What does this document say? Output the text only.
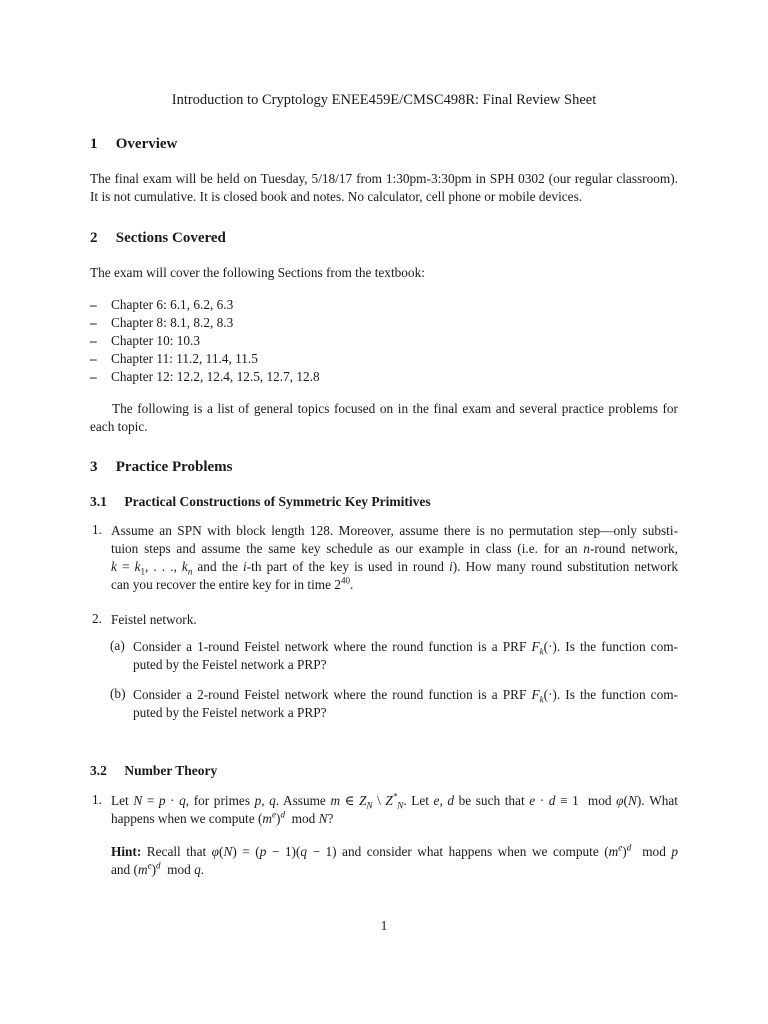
Introduction to Cryptology ENEE459E/CMSC498R: Final Review Sheet
1 Overview
The final exam will be held on Tuesday, 5/18/17 from 1:30pm-3:30pm in SPH 0302 (our regular classroom).
It is not cumulative. It is closed book and notes. No calculator, cell phone or mobile devices.
2 Sections Covered
The exam will cover the following Sections from the textbook:
– Chapter 6: 6.1, 6.2, 6.3
– Chapter 8: 8.1, 8.2, 8.3
– Chapter 10: 10.3
– Chapter 11: 11.2, 11.4, 11.5
– Chapter 12: 12.2, 12.4, 12.5, 12.7, 12.8
The following is a list of general topics focused on in the final exam and several practice problems for
each topic.
3 Practice Problems
3.1 Practical Constructions of Symmetric Key Primitives
1. Assume an SPN with block length 128. Moreover, assume there is no permutation step—only substi-
tuion steps and assume the same key schedule as our example in class (i.e. for an n-round network,
$k = k_1$, . . ., $k_n$ and the i-th part of the key is used in round i). How many round substitution network
can you recover the entire key for in time $2^{40}$.
2. Feistel network.
(a) Consider a 1-round Feistel network where the round function is a PRF $F_k(\cdot)$. Is the function com-
puted by the Feistel network a PRP?
(b) Consider a 2-round Feistel network where the round function is a PRF $F_k(\cdot)$. Is the function com-
puted by the Feistel network a PRP?
3.2 Number Theory
1. Let N = p · q, for primes p, q. Assume m ∈ $Z_N$ \ $Z^*_N$. Let e, d be such that e · d ≡ 1  mod φ(N). What
happens when we compute $(m^e)^d$  mod N?
Hint: Recall that φ(N) = (p − 1)(q − 1) and consider what happens when we compute $(m^e)^d$  mod p
and $(m^e)^d$  mod q.
1
